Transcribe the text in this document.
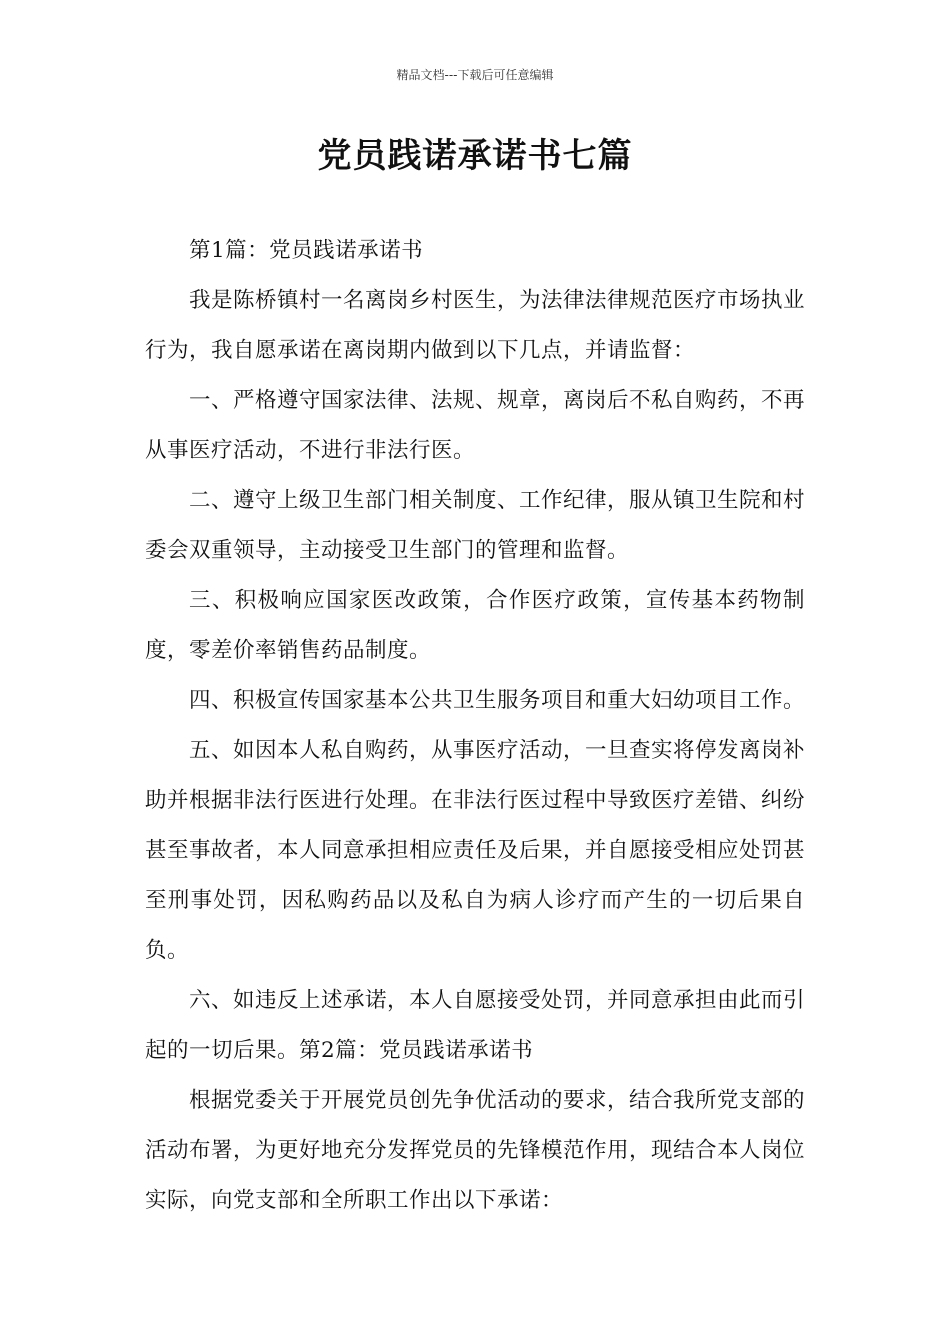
精品文档---下载后可任意编辑
党员践诺承诺书七篇

第1篇：党员践诺承诺书

我是陈桥镇村一名离岗乡村医生，为法律法律规范医疗市场执业行为，我自愿承诺在离岗期内做到以下几点，并请监督：

一、严格遵守国家法律、法规、规章，离岗后不私自购药，不再从事医疗活动，不进行非法行医。

二、遵守上级卫生部门相关制度、工作纪律，服从镇卫生院和村委会双重领导，主动接受卫生部门的管理和监督。

三、积极响应国家医改政策，合作医疗政策，宣传基本药物制度，零差价率销售药品制度。

四、积极宣传国家基本公共卫生服务项目和重大妇幼项目工作。

五、如因本人私自购药，从事医疗活动，一旦查实将停发离岗补助并根据非法行医进行处理。在非法行医过程中导致医疗差错、纠纷甚至事故者，本人同意承担相应责任及后果，并自愿接受相应处罚甚至刑事处罚，因私购药品以及私自为病人诊疗而产生的一切后果自负。

六、如违反上述承诺，本人自愿接受处罚，并同意承担由此而引起的一切后果。第2篇：党员践诺承诺书

根据党委关于开展党员创先争优活动的要求，结合我所党支部的活动布署，为更好地充分发挥党员的先锋模范作用，现结合本人岗位实际，向党支部和全所职工作出以下承诺：
